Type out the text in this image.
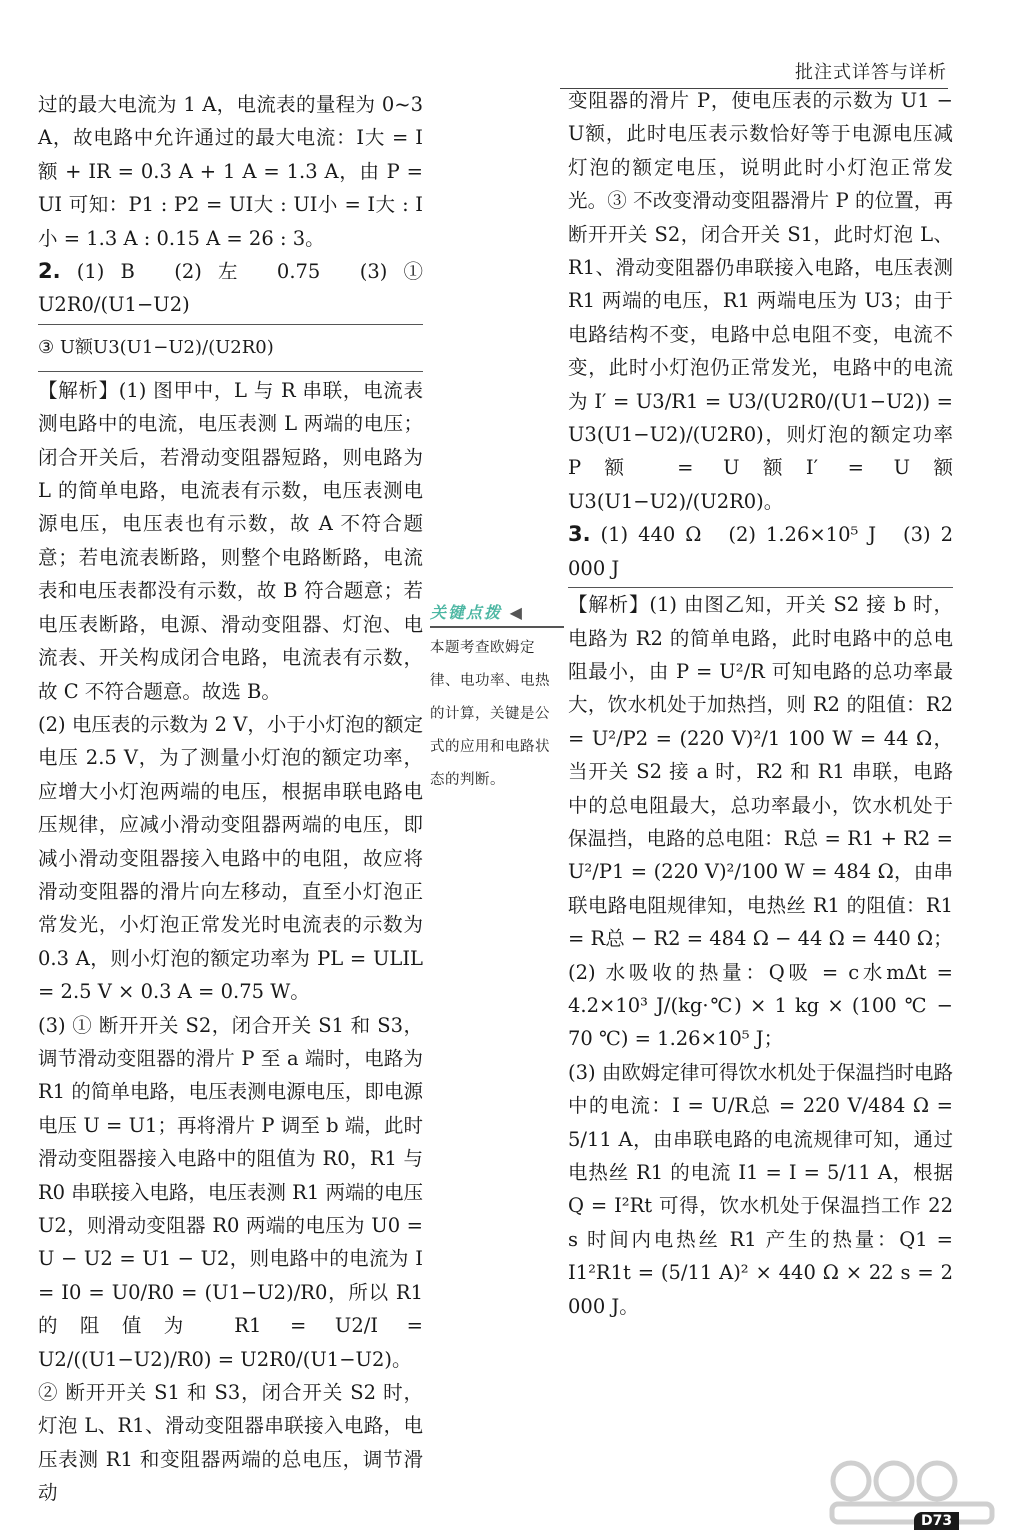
批注式详答与详析

过的最大电流为 1 A，电流表的量程为 0~3 A，故电路中允许通过的最大电流：I大 = I额 + IR = 0.3 A + 1 A = 1.3 A，由 P = UI 可知：P1 : P2 = UI大 : UI小 = I大 : I小 = 1.3 A : 0.15 A = 26 : 3。

2. (1) B　(2) 左　0.75　(3) ① U2R0/(U1−U2)

③ U额U3(U1−U2)/(U2R0)

【解析】(1) 图甲中，L 与 R 串联，电流表测电路中的电流，电压表测 L 两端的电压；闭合开关后，若滑动变阻器短路，则电路为 L 的简单电路，电流表有示数，电压表测电源电压，电压表也有示数，故 A 不符合题意；若电流表断路，则整个电路断路，电流表和电压表都没有示数，故 B 符合题意；若电压表断路，电源、滑动变阻器、灯泡、电流表、开关构成闭合电路，电流表有示数，故 C 不符合题意。故选 B。

(2) 电压表的示数为 2 V，小于小灯泡的额定电压 2.5 V，为了测量小灯泡的额定功率，应增大小灯泡两端的电压，根据串联电路电压规律，应减小滑动变阻器两端的电压，即减小滑动变阻器接入电路中的电阻，故应将滑动变阻器的滑片向左移动，直至小灯泡正常发光，小灯泡正常发光时电流表的示数为 0.3 A，则小灯泡的额定功率为 PL = ULIL = 2.5 V × 0.3 A = 0.75 W。

(3) ① 断开开关 S2，闭合开关 S1 和 S3，调节滑动变阻器的滑片 P 至 a 端时，电路为 R1 的简单电路，电压表测电源电压，即电源电压 U = U1；再将滑片 P 调至 b 端，此时滑动变阻器接入电路中的阻值为 R0，R1 与 R0 串联接入电路，电压表测 R1 两端的电压 U2，则滑动变阻器 R0 两端的电压为 U0 = U − U2 = U1 − U2，则电路中的电流为 I = I0 = U0/R0 = (U1−U2)/R0，所以 R1 的阻值为 R1 = U2/I = U2/((U1−U2)/R0) = U2R0/(U1−U2)。

② 断开开关 S1 和 S3，闭合开关 S2 时，灯泡 L、R1、滑动变阻器串联接入电路，电压表测 R1 和变阻器两端的总电压，调节滑动

变阻器的滑片 P，使电压表的示数为 U1 − U额，此时电压表示数恰好等于电源电压减灯泡的额定电压，说明此时小灯泡正常发光。③ 不改变滑动变阻器滑片 P 的位置，再断开开关 S2，闭合开关 S1，此时灯泡 L、R1、滑动变阻器仍串联接入电路，电压表测 R1 两端的电压，R1 两端电压为 U3；由于电路结构不变，电路中总电阻不变，电流不变，此时小灯泡仍正常发光，电路中的电流为 I′ = U3/R1 = U3/(U2R0/(U1−U2)) = U3(U1−U2)/(U2R0)，则灯泡的额定功率 P额 = U额I′ = U额U3(U1−U2)/(U2R0)。

3. (1) 440 Ω　(2) 1.26×10⁵ J　(3) 2 000 J

【解析】(1) 由图乙知，开关 S2 接 b 时，电路为 R2 的简单电路，此时电路中的总电阻最小，由 P = U²/R 可知电路的总功率最大，饮水机处于加热挡，则 R2 的阻值：R2 = U²/P2 = (220 V)²/1 100 W = 44 Ω，当开关 S2 接 a 时，R2 和 R1 串联，电路中的总电阻最大，总功率最小，饮水机处于保温挡，电路的总电阻：R总 = R1 + R2 = U²/P1 = (220 V)²/100 W = 484 Ω，由串联电路电阻规律知，电热丝 R1 的阻值：R1 = R总 − R2 = 484 Ω − 44 Ω = 440 Ω；

(2) 水吸收的热量：Q吸 = c水mΔt = 4.2×10³ J/(kg·℃) × 1 kg × (100 ℃ − 70 ℃) = 1.26×10⁵ J；

(3) 由欧姆定律可得饮水机处于保温挡时电路中的电流：I = U/R总 = 220 V/484 Ω = 5/11 A，由串联电路的电流规律可知，通过电热丝 R1 的电流 I1 = I = 5/11 A，根据 Q = I²Rt 可得，饮水机处于保温挡工作 22 s 时间内电热丝 R1 产生的热量：Q1 = I1²R1t = (5/11 A)² × 440 Ω × 22 s = 2 000 J。

关键点拨 ◀
本题考查欧姆定律、电功率、电热的计算，关键是公式的应用和电路状态的判断。
D73
